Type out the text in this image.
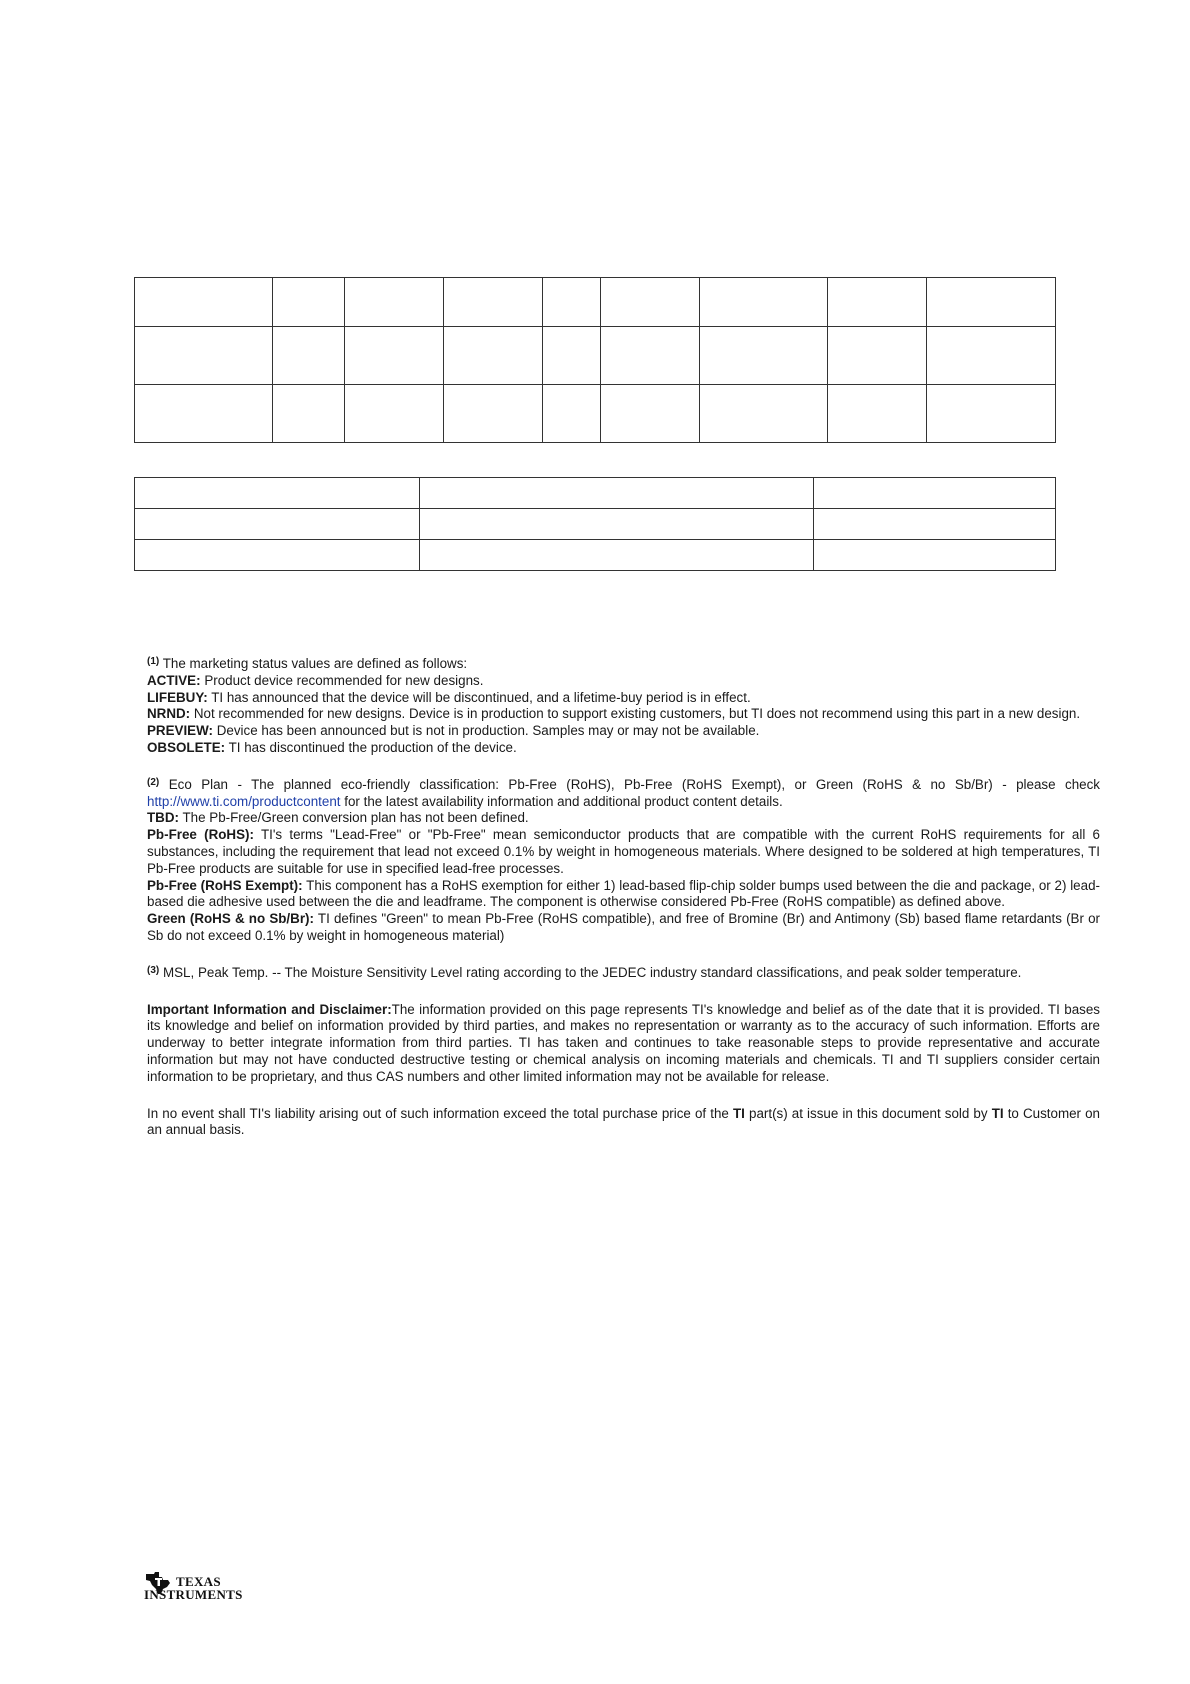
$^{(1)}$ The marketing status values are defined as follows:

ACTIVE: Product device recommended for new designs.

LIFEBUY: TI has announced that the device will be discontinued, and a lifetime-buy period is in effect.

NRND: Not recommended for new designs. Device is in production to support existing customers, but TI does not recommend using this part in a new design.

PREVIEW: Device has been announced but is not in production. Samples may or may not be available.

OBSOLETE: TI has discontinued the production of the device.

$^{(2)}$ Eco Plan - The planned eco-friendly classification: Pb-Free (RoHS), Pb-Free (RoHS Exempt), or Green (RoHS & no Sb/Br) - please check http://www.ti.com/productcontent for the latest availability information and additional product content details.

TBD: The Pb-Free/Green conversion plan has not been defined.

Pb-Free (RoHS): TI's terms "Lead-Free" or "Pb-Free" mean semiconductor products that are compatible with the current RoHS requirements for all 6 substances, including the requirement that lead not exceed 0.1% by weight in homogeneous materials. Where designed to be soldered at high temperatures, TI Pb-Free products are suitable for use in specified lead-free processes.

Pb-Free (RoHS Exempt): This component has a RoHS exemption for either 1) lead-based flip-chip solder bumps used between the die and package, or 2) lead-based die adhesive used between the die and leadframe. The component is otherwise considered Pb-Free (RoHS compatible) as defined above.

Green (RoHS & no Sb/Br): TI defines "Green" to mean Pb-Free (RoHS compatible), and free of Bromine (Br) and Antimony (Sb) based flame retardants (Br or Sb do not exceed 0.1% by weight in homogeneous material)

$^{(3)}$ MSL, Peak Temp. -- The Moisture Sensitivity Level rating according to the JEDEC industry standard classifications, and peak solder temperature.

Important Information and Disclaimer:The information provided on this page represents TI's knowledge and belief as of the date that it is provided. TI bases its knowledge and belief on information provided by third parties, and makes no representation or warranty as to the accuracy of such information. Efforts are underway to better integrate information from third parties. TI has taken and continues to take reasonable steps to provide representative and accurate information but may not have conducted destructive testing or chemical analysis on incoming materials and chemicals. TI and TI suppliers consider certain information to be proprietary, and thus CAS numbers and other limited information may not be available for release.

In no event shall TI's liability arising out of such information exceed the total purchase price of the TI part(s) at issue in this document sold by TI to Customer on an annual basis.

TEXAS
INSTRUMENTS
